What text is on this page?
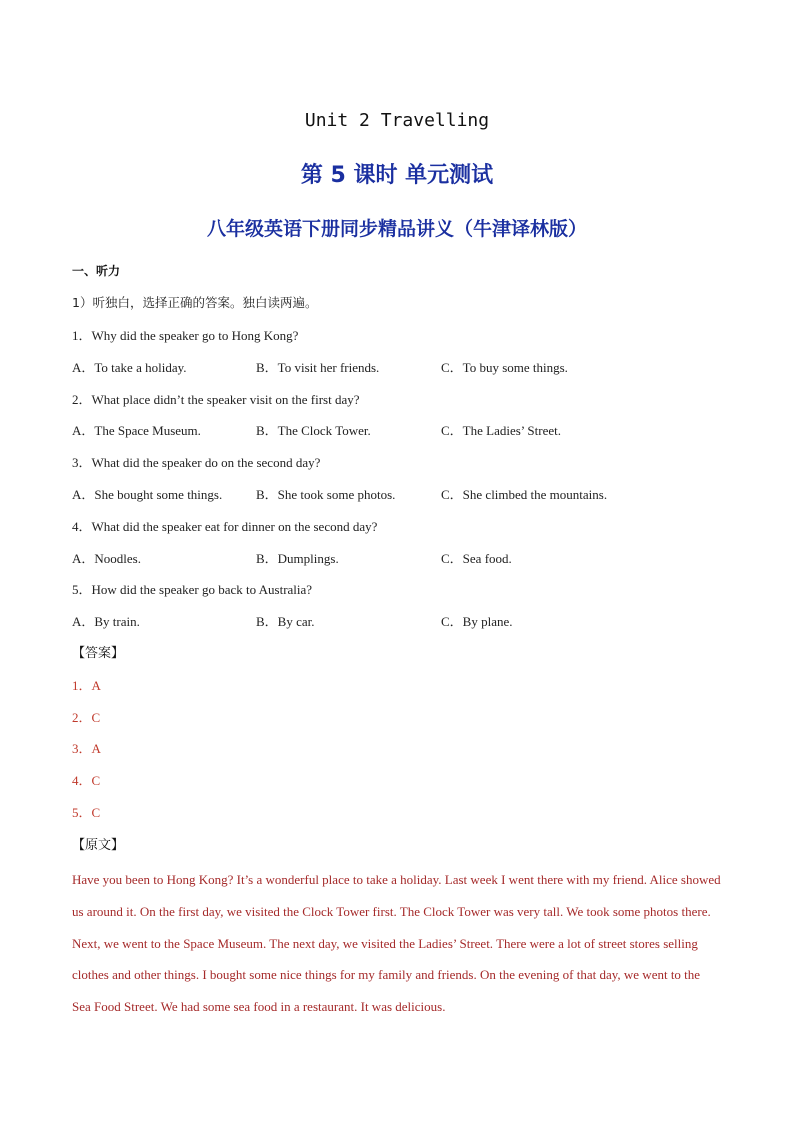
Unit 2 Travelling
第 5 课时 单元测试
八年级英语下册同步精品讲义（牛津译林版）
一、听力
1）听独白，选择正确的答案。独白读两遍。
1．Why did the speaker go to Hong Kong?
A．To take a holiday.	B．To visit her friends.	C．To buy some things.
2．What place didn’t the speaker visit on the first day?
A．The Space Museum.	B．The Clock Tower.	C．The Ladies’ Street.
3．What did the speaker do on the second day?
A．She bought some things.	B．She took some photos.	C．She climbed the mountains.
4．What did the speaker eat for dinner on the second day?
A．Noodles.	B．Dumplings.	C．Sea food.
5．How did the speaker go back to Australia?
A．By train.	B．By car.	C．By plane.
【答案】
1．A
2．C
3．A
4．C
5．C
【原文】
Have you been to Hong Kong? It’s a wonderful place to take a holiday. Last week I went there with my friend. Alice showed us around it. On the first day, we visited the Clock Tower first. The Clock Tower was very tall. We took some photos there. Next, we went to the Space Museum. The next day, we visited the Ladies’ Street. There were a lot of street stores selling clothes and other things. I bought some nice things for my family and friends. On the evening of that day, we went to the Sea Food Street. We had some sea food in a restaurant. It was delicious.
